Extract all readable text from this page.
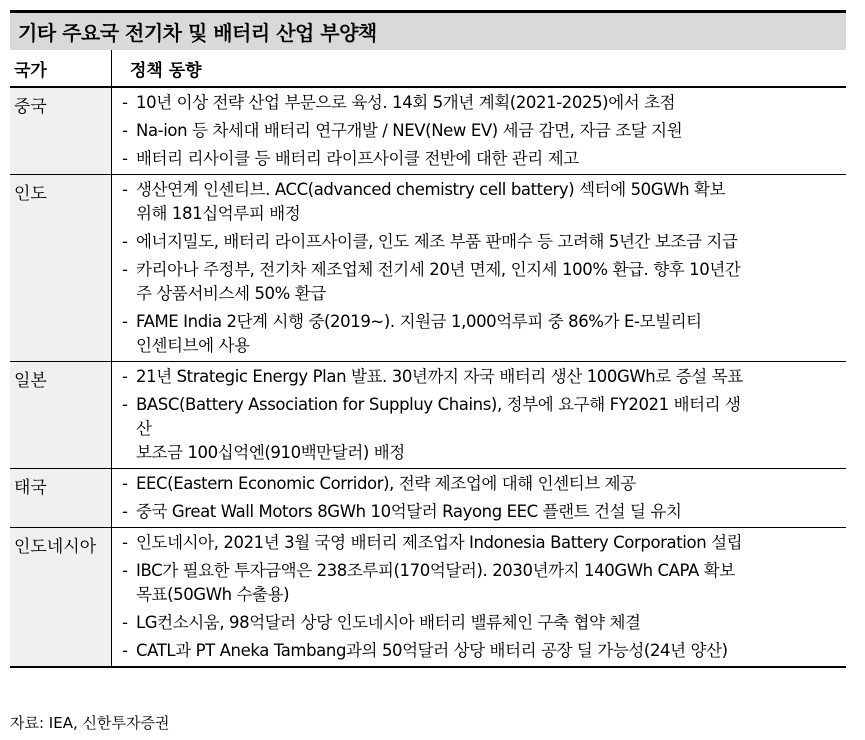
기타 주요국 전기차 및 배터리 산업 부양책
국가	정책 동향
중국	- 10년 이상 전략 산업 부문으로 육성. 14회 5개년 계획(2021-2025)에서 초점
- Na-ion 등 차세대 배터리 연구개발 / NEV(New EV) 세금 감면, 자금 조달 지원
- 배터리 리사이클 등 배터리 라이프사이클 전반에 대한 관리 제고
인도	- 생산연계 인센티브. ACC(advanced chemistry cell battery) 섹터에 50GWh 확보
위해 181십억루피 배정
- 에너지밀도, 배터리 라이프사이클, 인도 제조 부품 판매수 등 고려해 5년간 보조금 지급
- 카리아나 주정부, 전기차 제조업체 전기세 20년 면제, 인지세 100% 환급. 향후 10년간
주 상품서비스세 50% 환급
- FAME India 2단계 시행 중(2019~). 지원금 1,000억루피 중 86%가 E-모빌리티
인센티브에 사용
일본	- 21년 Strategic Energy Plan 발표. 30년까지 자국 배터리 생산 100GWh로 증설 목표
- BASC(Battery Association for Suppluy Chains), 정부에 요구해 FY2021 배터리 생
산
보조금 100십억엔(910백만달러) 배정
태국	- EEC(Eastern Economic Corridor), 전략 제조업에 대해 인센티브 제공
- 중국 Great Wall Motors 8GWh 10억달러 Rayong EEC 플랜트 건설 딜 유치
인도네시아	- 인도네시아, 2021년 3월 국영 배터리 제조업자 Indonesia Battery Corporation 설립
- IBC가 필요한 투자금액은 238조루피(170억달러). 2030년까지 140GWh CAPA 확보
목표(50GWh 수출용)
- LG컨소시움, 98억달러 상당 인도네시아 배터리 밸류체인 구축 협약 체결
- CATL과 PT Aneka Tambang과의 50억달러 상당 배터리 공장 딜 가능성(24년 양산)
자료: IEA, 신한투자증권
